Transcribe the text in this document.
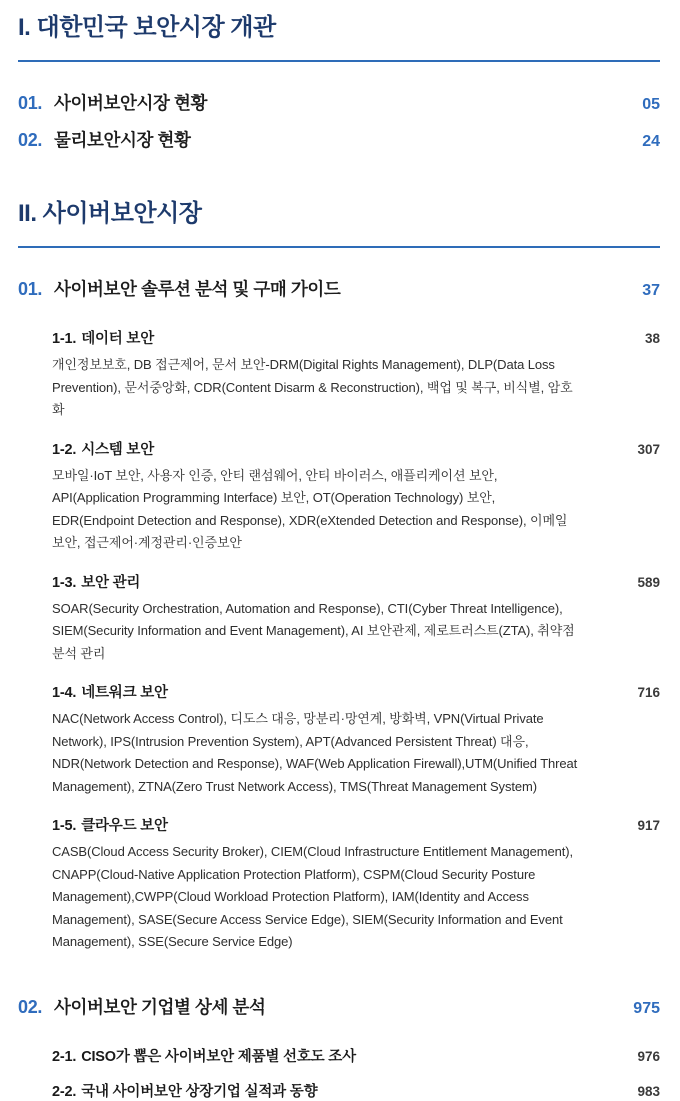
I. 대한민국 보안시장 개관
01. 사이버보안시장 현황	05
02. 물리보안시장 현황	24
II. 사이버보안시장
01. 사이버보안 솔루션 분석 및 구매 가이드	37
1-1. 데이터 보안	38

개인정보보호, DB 접근제어, 문서 보안-DRM(Digital Rights Management), DLP(Data Loss Prevention), 문서중앙화, CDR(Content Disarm & Reconstruction), 백업 및 복구, 비식별, 암호화

1-2. 시스템 보안	307

모바일·IoT 보안, 사용자 인증, 안티 랜섬웨어, 안티 바이러스, 애플리케이션 보안, API(Application Programming Interface) 보안, OT(Operation Technology) 보안, EDR(Endpoint Detection and Response), XDR(eXtended Detection and Response), 이메일 보안, 접근제어·계정관리·인증보안

1-3. 보안 관리	589

SOAR(Security Orchestration, Automation and Response), CTI(Cyber Threat Intelligence), SIEM(Security Information and Event Management), AI 보안관제, 제로트러스트(ZTA), 취약점 분석 관리

1-4. 네트워크 보안	716

NAC(Network Access Control), 디도스 대응, 망분리·망연계, 방화벽, VPN(Virtual Private Network), IPS(Intrusion Prevention System), APT(Advanced Persistent Threat) 대응, NDR(Network Detection and Response), WAF(Web Application Firewall),UTM(Unified Threat Management), ZTNA(Zero Trust Network Access), TMS(Threat Management System)

1-5. 클라우드 보안	917

CASB(Cloud Access Security Broker), CIEM(Cloud Infrastructure Entitlement Management), CNAPP(Cloud-Native Application Protection Platform), CSPM(Cloud Security Posture Management),CWPP(Cloud Workload Protection Platform), IAM(Identity and Access Management), SASE(Secure Access Service Edge), SIEM(Security Information and Event Management), SSE(Secure Service Edge)

02. 사이버보안 기업별 상세 분석	975
2-1. CISO가 뽑은 사이버보안 제품별 선호도 조사	976
2-2. 국내 사이버보안 상장기업 실적과 동향	983
